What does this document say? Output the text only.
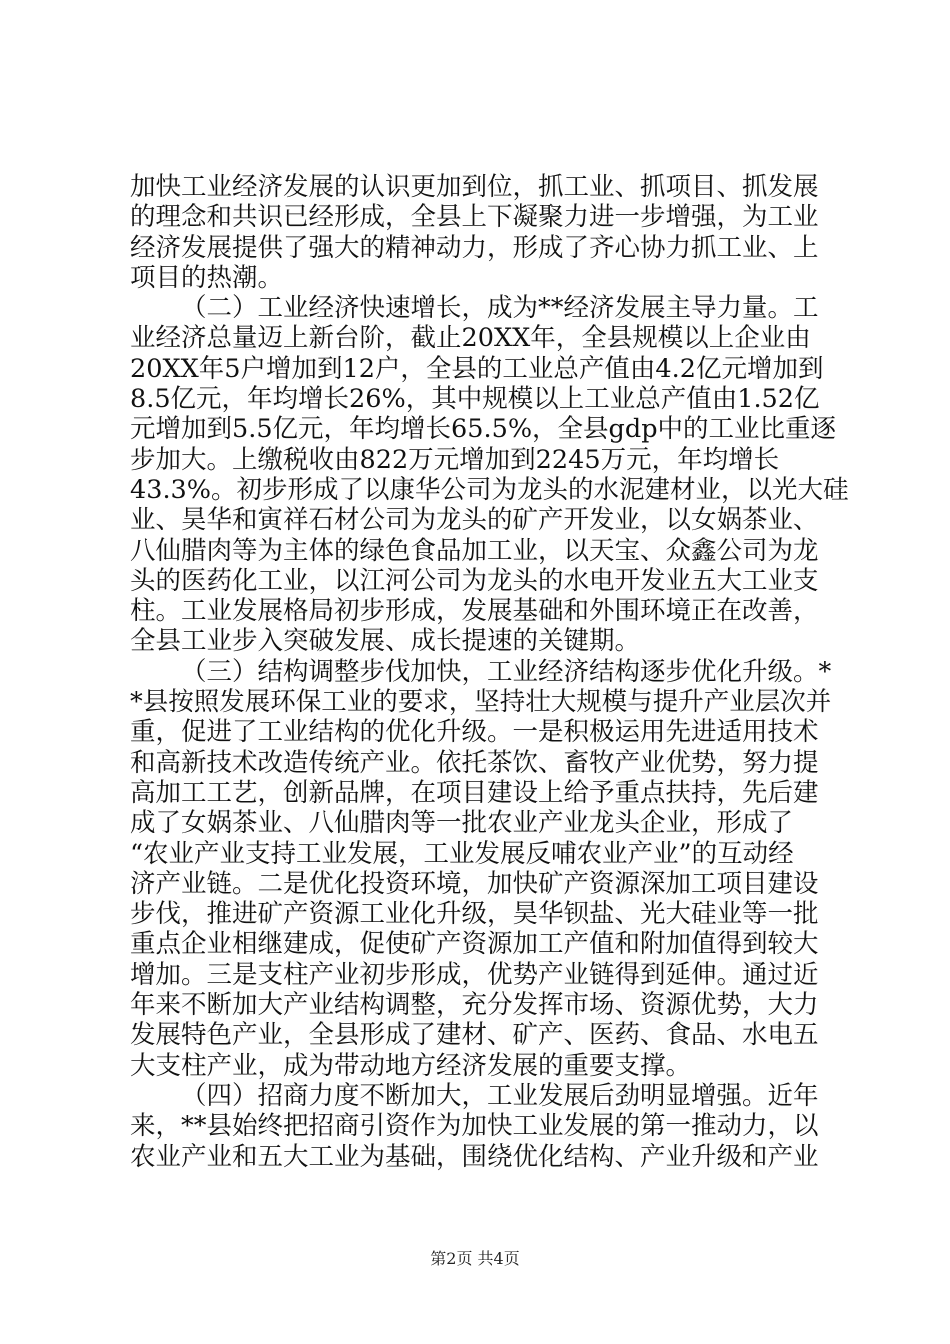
加快工业经济发展的认识更加到位，抓工业、抓项目、抓发展
的理念和共识已经形成，全县上下凝聚力进一步增强，为工业
经济发展提供了强大的精神动力，形成了齐心协力抓工业、上
项目的热潮。
（二）工业经济快速增长，成为**经济发展主导力量。工
业经济总量迈上新台阶，截止20XX年，全县规模以上企业由
20XX年5户增加到12户，全县的工业总产值由4.2亿元增加到
8.5亿元，年均增长26%，其中规模以上工业总产值由1.52亿
元增加到5.5亿元，年均增长65.5%，全县gdp中的工业比重逐
步加大。上缴税收由822万元增加到2245万元，年均增长
43.3%。初步形成了以康华公司为龙头的水泥建材业，以光大硅
业、昊华和寅祥石材公司为龙头的矿产开发业，以女娲茶业、
八仙腊肉等为主体的绿色食品加工业，以天宝、众鑫公司为龙
头的医药化工业，以江河公司为龙头的水电开发业五大工业支
柱。工业发展格局初步形成，发展基础和外围环境正在改善，
全县工业步入突破发展、成长提速的关键期。
（三）结构调整步伐加快，工业经济结构逐步优化升级。*
*县按照发展环保工业的要求，坚持壮大规模与提升产业层次并
重，促进了工业结构的优化升级。一是积极运用先进适用技术
和高新技术改造传统产业。依托茶饮、畜牧产业优势，努力提
高加工工艺，创新品牌，在项目建设上给予重点扶持，先后建
成了女娲茶业、八仙腊肉等一批农业产业龙头企业，形成了
“农业产业支持工业发展，工业发展反哺农业产业”的互动经
济产业链。二是优化投资环境，加快矿产资源深加工项目建设
步伐，推进矿产资源工业化升级，昊华钡盐、光大硅业等一批
重点企业相继建成，促使矿产资源加工产值和附加值得到较大
增加。三是支柱产业初步形成，优势产业链得到延伸。通过近
年来不断加大产业结构调整，充分发挥市场、资源优势，大力
发展特色产业，全县形成了建材、矿产、医药、食品、水电五
大支柱产业，成为带动地方经济发展的重要支撑。
（四）招商力度不断加大，工业发展后劲明显增强。近年
来，**县始终把招商引资作为加快工业发展的第一推动力，以
农业产业和五大工业为基础，围绕优化结构、产业升级和产业
第2页 共4页
